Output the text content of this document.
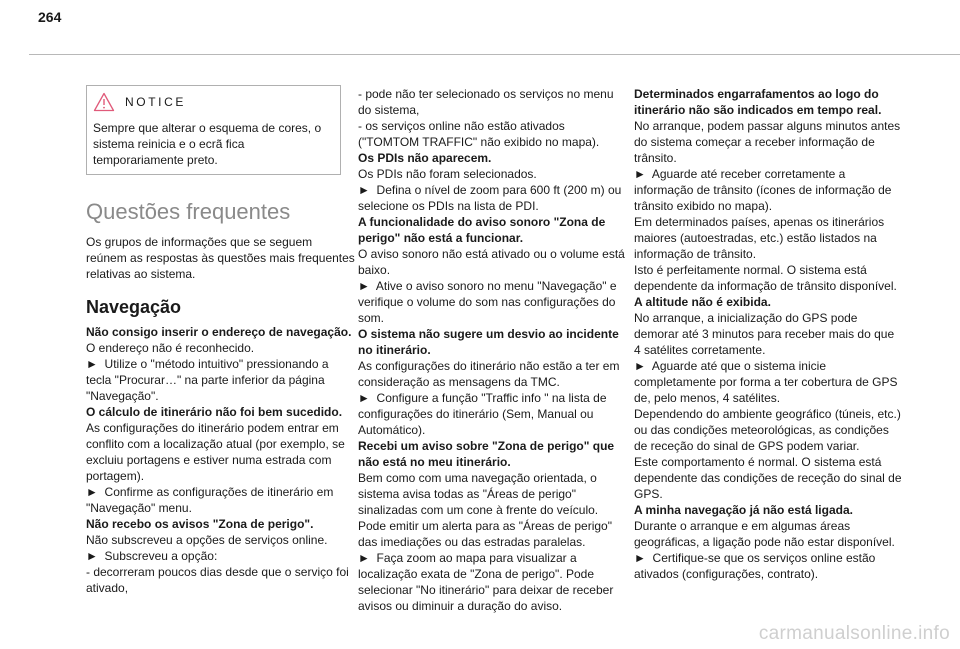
264
NOTICE
Sempre que alterar o esquema de cores, o sistema reinicia e o ecrã fica temporariamente preto.
Questões frequentes

Os grupos de informações que se seguem reúnem as respostas às questões mais frequentes relativas ao sistema.

Navegação

Não consigo inserir o endereço de navegação.

O endereço não é reconhecido.
►  Utilize o "método intuitivo" pressionando a tecla "Procurar…" na parte inferior da página "Navegação".

O cálculo de itinerário não foi bem sucedido.

As configurações do itinerário podem entrar em conflito com a localização atual (por exemplo, se excluiu portagens e estiver numa estrada com portagem).
►  Confirme as configurações de itinerário em "Navegação" menu.

Não recebo os avisos "Zona de perigo".

Não subscreveu a opções de serviços online.
►  Subscreveu a opção:
- decorreram poucos dias desde que o serviço foi ativado,

- pode não ter selecionado os serviços no menu do sistema,
- os serviços online não estão ativados ("TOMTOM TRAFFIC" não exibido no mapa).

Os PDIs não aparecem.

Os PDIs não foram selecionados.
►  Defina o nível de zoom para 600 ft (200 m) ou selecione os PDIs na lista de PDI.

A funcionalidade do aviso sonoro "Zona de perigo" não está a funcionar.

O aviso sonoro não está ativado ou o volume está baixo.
►  Ative o aviso sonoro no menu "Navegação" e verifique o volume do som nas configurações do som.

O sistema não sugere um desvio ao incidente no itinerário.

As configurações do itinerário não estão a ter em consideração as mensagens da TMC.
►  Configure a função "Traffic info " na lista de configurações do itinerário (Sem, Manual ou Automático).

Recebi um aviso sobre "Zona de perigo" que não está no meu itinerário.

Bem como com uma navegação orientada, o sistema avisa todas as "Áreas de perigo" sinalizadas com um cone à frente do veículo. Pode emitir um alerta para as "Áreas de perigo" das imediações ou das estradas paralelas.
►  Faça zoom ao mapa para visualizar a localização exata de "Zona de perigo". Pode selecionar "No itinerário" para deixar de receber avisos ou diminuir a duração do aviso.

Determinados engarrafamentos ao logo do itinerário não são indicados em tempo real.

No arranque, podem passar alguns minutos antes do sistema começar a receber informação de trânsito.
►  Aguarde até receber corretamente a informação de trânsito (ícones de informação de trânsito exibido no mapa).
Em determinados países, apenas os itinerários maiores (autoestradas, etc.) estão listados na informação de trânsito.
Isto é perfeitamente normal. O sistema está dependente da informação de trânsito disponível.

A altitude não é exibida.

No arranque, a inicialização do GPS pode demorar até 3 minutos para receber mais do que 4 satélites corretamente.
►  Aguarde até que o sistema inicie completamente por forma a ter cobertura de GPS de, pelo menos, 4 satélites.
Dependendo do ambiente geográfico (túneis, etc.) ou das condições meteorológicas, as condições de receção do sinal de GPS podem variar.
Este comportamento é normal. O sistema está dependente das condições de receção do sinal de GPS.

A minha navegação já não está ligada.

Durante o arranque e em algumas áreas geográficas, a ligação pode não estar disponível.
►  Certifique-se que os serviços online estão ativados (configurações, contrato).

carmanualsonline.info
